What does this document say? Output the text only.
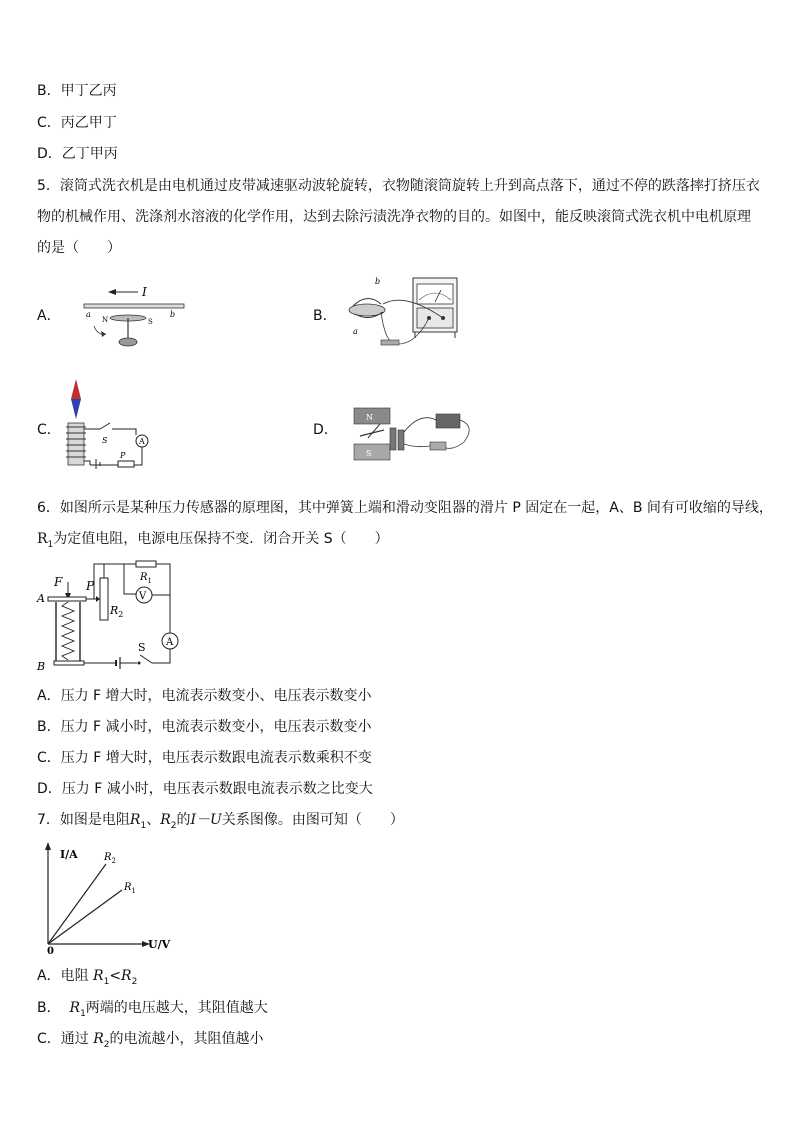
B．甲丁乙丙
C．丙乙甲丁
D．乙丁甲丙
5．滚筒式洗衣机是由电机通过皮带减速驱动波轮旋转，衣物随滚筒旋转上升到高点落下，通过不停的跌落摔打挤压衣
物的机械作用、洗涤剂水溶液的化学作用，达到去除污渍洗净衣物的目的。如图中，能反映滚筒式洗衣机中电机原理
的是（　　）
A．
I
a	b
N	S	B．
b
a
C．
S	A
P
D．
N
S
6．如图所示是某种压力传感器的原理图，其中弹簧上端和滑动变阻器的滑片 P 固定在一起，A、B 间有可收缩的导线，
$R_1$为定值电阻，电源电压保持不变．闭合开关 S（　　）
F
A
B
P
$R_2$
$R_1$
V
A
S
A．压力 F 增大时，电流表示数变小、电压表示数变小
B．压力 F 减小时，电流表示数变小，电压表示数变小
C．压力 F 增大时，电压表示数跟电流表示数乘积不变
D．压力 F 减小时，电压表示数跟电流表示数之比变大
7．如图是电阻$R_1$、$R_2$的I－U关系图像。由图可知（　　）
I/A
U/V
0
$R_2$
$R_1$
A．电阻 $R_1<R_2$
B． $R_1$两端的电压越大，其阻值越大
C．通过 $R_2$的电流越小，其阻值越小
